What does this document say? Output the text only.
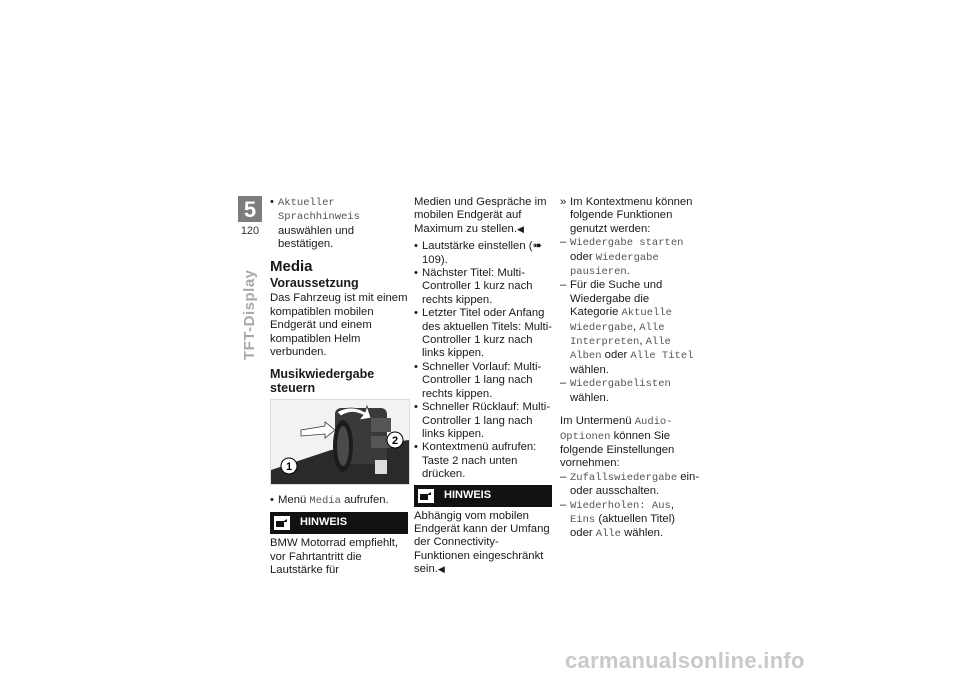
5
120
TFT-Display
• Aktueller Sprachhinweis auswählen und bestätigen.
Media
Voraussetzung

Das Fahrzeug ist mit einem kompatiblen mobilen Endgerät und einem kompatiblen Helm verbunden.

Musikwiedergabe steuern
1
2
• Menü Media aufrufen.
HINWEIS

BMW Motorrad empfiehlt, vor Fahrtantritt die Lautstärke für

Medien und Gespräche im mobilen Endgerät auf Maximum zu stellen.◀

• Lautstärke einstellen (➠ 109).
• Nächster Titel: Multi-Controller 1 kurz nach rechts kippen.
• Letzter Titel oder Anfang des aktuellen Titels: Multi-Controller 1 kurz nach links kippen.
• Schneller Vorlauf: Multi-Controller 1 lang nach rechts kippen.
• Schneller Rücklauf: Multi-Controller 1 lang nach links kippen.
• Kontextmenü aufrufen: Taste 2 nach unten drücken.
HINWEIS

Abhängig vom mobilen Endgerät kann der Umfang der Connectivity-Funktionen eingeschränkt sein.◀

» Im Kontextmenu können folgende Funktionen genutzt werden:
– Wiedergabe starten oder Wiedergabe pausieren.
– Für die Suche und Wiedergabe die Kategorie Aktuelle Wiedergabe, Alle Interpreten, Alle Alben oder Alle Titel wählen.
– Wiedergabelisten wählen.

Im Untermenü Audio-Optionen können Sie folgende Einstellungen vornehmen:

– Zufallswiedergabe ein- oder ausschalten.
– Wiederholen: Aus, Eins (aktuellen Titel) oder Alle wählen.
carmanualsonline.info
